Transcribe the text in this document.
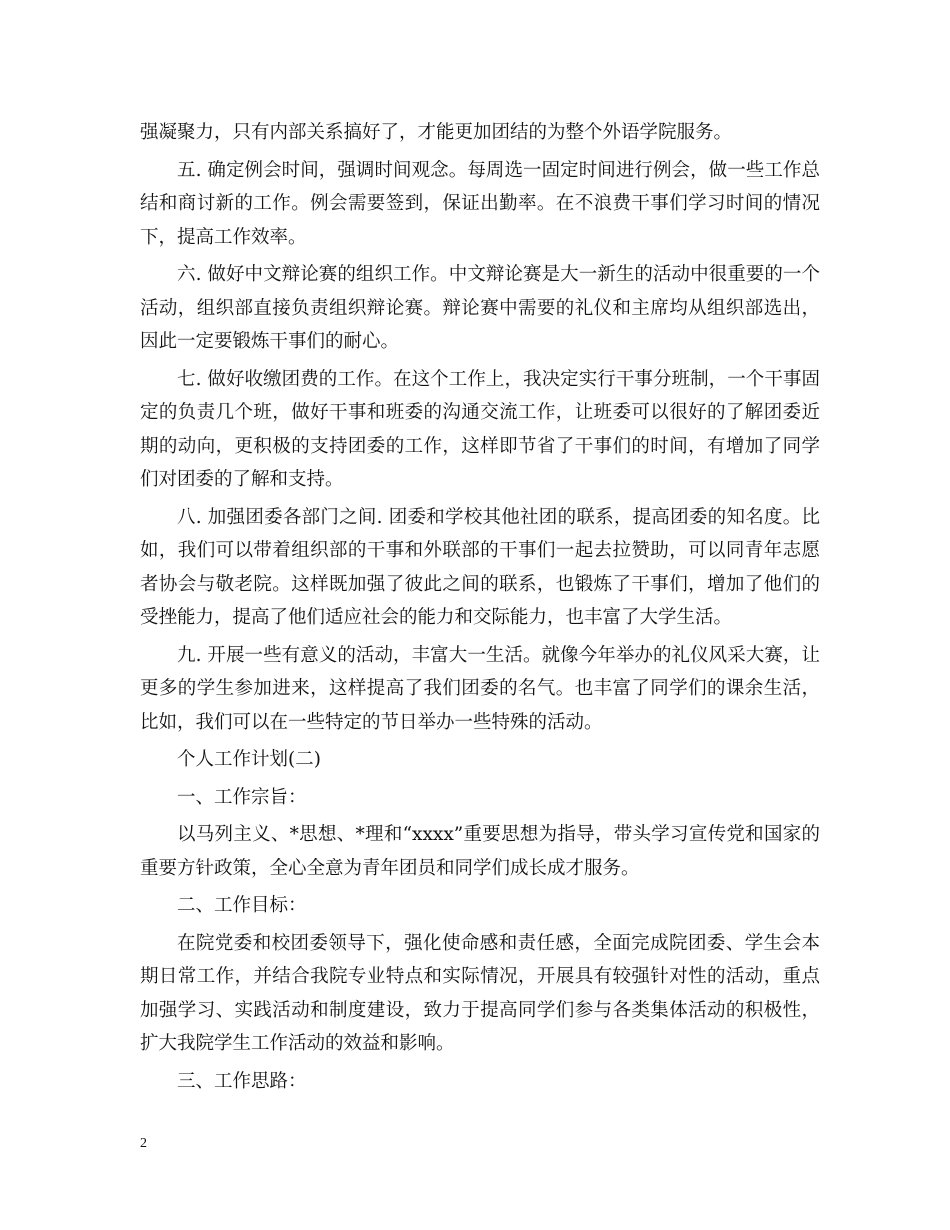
强凝聚力，只有内部关系搞好了，才能更加团结的为整个外语学院服务。

五. 确定例会时间，强调时间观念。每周选一固定时间进行例会，做一些工作总结和商讨新的工作。例会需要签到，保证出勤率。在不浪费干事们学习时间的情况下，提高工作效率。

六. 做好中文辩论赛的组织工作。中文辩论赛是大一新生的活动中很重要的一个活动，组织部直接负责组织辩论赛。辩论赛中需要的礼仪和主席均从组织部选出，因此一定要锻炼干事们的耐心。

七. 做好收缴团费的工作。在这个工作上，我决定实行干事分班制，一个干事固定的负责几个班，做好干事和班委的沟通交流工作，让班委可以很好的了解团委近期的动向，更积极的支持团委的工作，这样即节省了干事们的时间，有增加了同学们对团委的了解和支持。

八. 加强团委各部门之间. 团委和学校其他社团的联系，提高团委的知名度。比如，我们可以带着组织部的干事和外联部的干事们一起去拉赞助，可以同青年志愿者协会与敬老院。这样既加强了彼此之间的联系，也锻炼了干事们，增加了他们的受挫能力，提高了他们适应社会的能力和交际能力，也丰富了大学生活。

九. 开展一些有意义的活动，丰富大一生活。就像今年举办的礼仪风采大赛，让更多的学生参加进来，这样提高了我们团委的名气。也丰富了同学们的课余生活，比如，我们可以在一些特定的节日举办一些特殊的活动。

个人工作计划(二)

一、工作宗旨：

以马列主义、*思想、*理和“xxxx”重要思想为指导，带头学习宣传党和国家的重要方针政策，全心全意为青年团员和同学们成长成才服务。

二、工作目标：

在院党委和校团委领导下，强化使命感和责任感，全面完成院团委、学生会本期日常工作，并结合我院专业特点和实际情况，开展具有较强针对性的活动，重点加强学习、实践活动和制度建设，致力于提高同学们参与各类集体活动的积极性，扩大我院学生工作活动的效益和影响。

三、工作思路：

2
